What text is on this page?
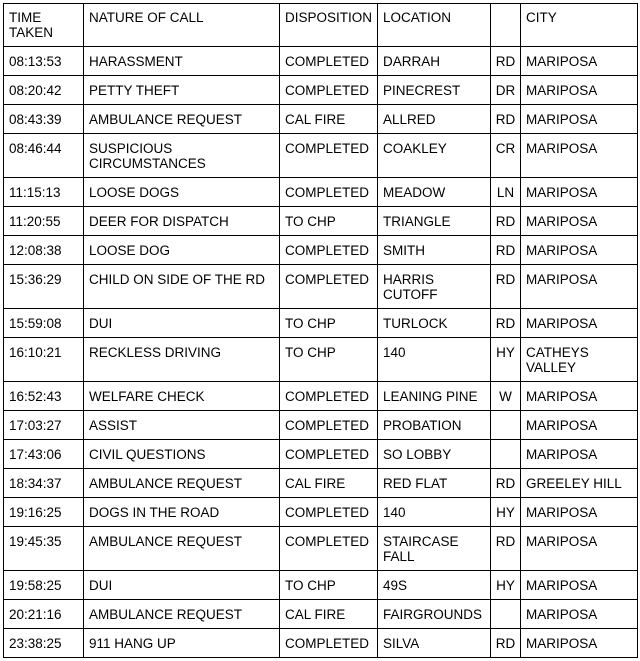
TIME TAKEN	NATURE OF CALL	DISPOSITION	LOCATION		CITY
08:13:53	HARASSMENT	COMPLETED	DARRAH	RD	MARIPOSA
08:20:42	PETTY THEFT	COMPLETED	PINECREST	DR	MARIPOSA
08:43:39	AMBULANCE REQUEST	CAL FIRE	ALLRED	RD	MARIPOSA
08:46:44	SUSPICIOUS CIRCUMSTANCES	COMPLETED	COAKLEY	CR	MARIPOSA
11:15:13	LOOSE DOGS	COMPLETED	MEADOW	LN	MARIPOSA
11:20:55	DEER FOR DISPATCH	TO CHP	TRIANGLE	RD	MARIPOSA
12:08:38	LOOSE DOG	COMPLETED	SMITH	RD	MARIPOSA
15:36:29	CHILD ON SIDE OF THE RD	COMPLETED	HARRIS CUTOFF	RD	MARIPOSA
15:59:08	DUI	TO CHP	TURLOCK	RD	MARIPOSA
16:10:21	RECKLESS DRIVING	TO CHP	140	HY	CATHEYS VALLEY
16:52:43	WELFARE CHECK	COMPLETED	LEANING PINE	W	MARIPOSA
17:03:27	ASSIST	COMPLETED	PROBATION		MARIPOSA
17:43:06	CIVIL QUESTIONS	COMPLETED	SO LOBBY		MARIPOSA
18:34:37	AMBULANCE REQUEST	CAL FIRE	RED FLAT	RD	GREELEY HILL
19:16:25	DOGS IN THE ROAD	COMPLETED	140	HY	MARIPOSA
19:45:35	AMBULANCE REQUEST	COMPLETED	STAIRCASE FALL	RD	MARIPOSA
19:58:25	DUI	TO CHP	49S	HY	MARIPOSA
20:21:16	AMBULANCE REQUEST	CAL FIRE	FAIRGROUNDS		MARIPOSA
23:38:25	911 HANG UP	COMPLETED	SILVA	RD	MARIPOSA
